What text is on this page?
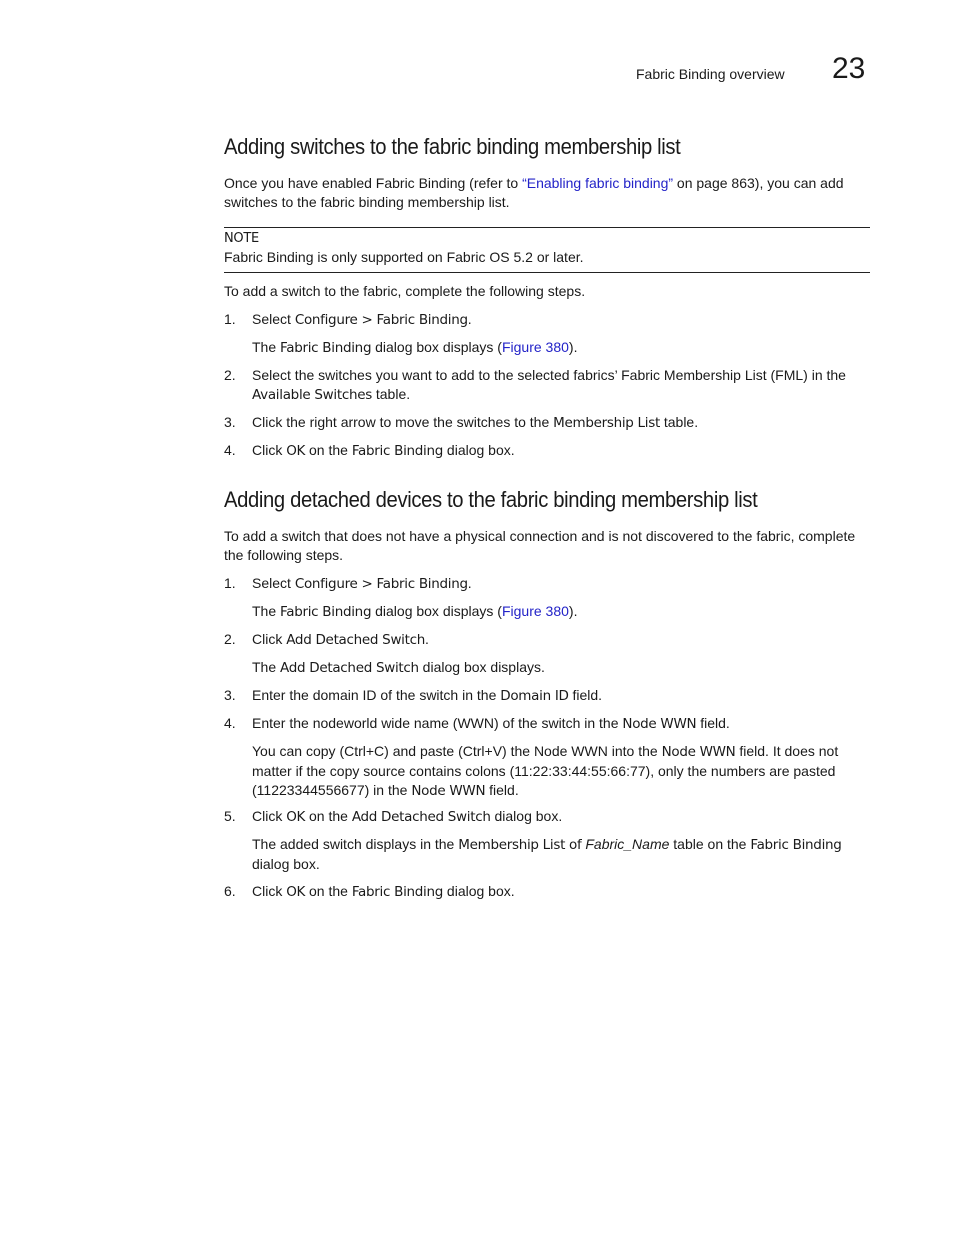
Fabric Binding overview 23
Adding switches to the fabric binding membership list

Once you have enabled Fabric Binding (refer to “Enabling fabric binding” on page 863), you can add switches to the fabric binding membership list.

NOTE
Fabric Binding is only supported on Fabric OS 5.2 or later.

To add a switch to the fabric, complete the following steps.

1. Select Configure > Fabric Binding.

The Fabric Binding dialog box displays (Figure 380).

2. Select the switches you want to add to the selected fabrics’ Fabric Membership List (FML) in the Available Switches table.
3. Click the right arrow to move the switches to the Membership List table.
4. Click OK on the Fabric Binding dialog box.
Adding detached devices to the fabric binding membership list

To add a switch that does not have a physical connection and is not discovered to the fabric, complete the following steps.

1. Select Configure > Fabric Binding.

The Fabric Binding dialog box displays (Figure 380).

2. Click Add Detached Switch.

The Add Detached Switch dialog box displays.

3. Enter the domain ID of the switch in the Domain ID field.
4. Enter the nodeworld wide name (WWN) of the switch in the Node WWN field.

You can copy (Ctrl+C) and paste (Ctrl+V) the Node WWN into the Node WWN field. It does not matter if the copy source contains colons (11:22:33:44:55:66:77), only the numbers are pasted (11223344556677) in the Node WWN field.

5. Click OK on the Add Detached Switch dialog box.

The added switch displays in the Membership List of Fabric_Name table on the Fabric Binding dialog box.

6. Click OK on the Fabric Binding dialog box.
